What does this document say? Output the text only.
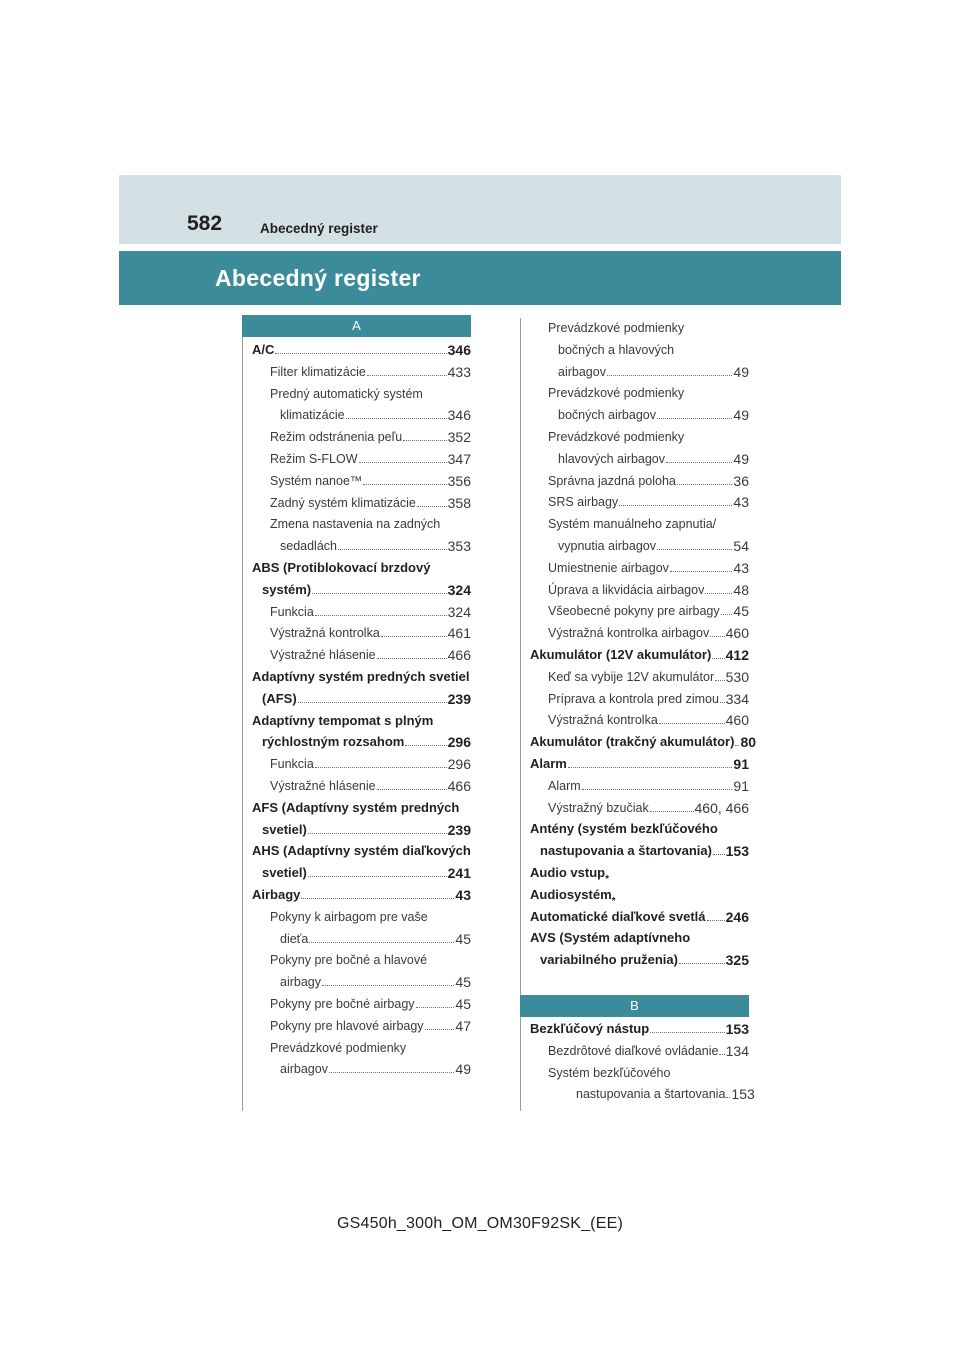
582	Abecedný register
Abecedný register
A
B
A/C	346
Filter klimatizácie	433
Predný automatický systém
klimatizácie	346
Režim odstránenia peľu	352
Režim S-FLOW	347
Systém nanoe™	356
Zadný systém klimatizácie 358
Zmena nastavenia na zadných
sedadlách	353
ABS (Protiblokovací brzdový
systém)	324
Funkcia	324
Výstražná kontrolka	461
Výstražné hlásenie	466
Adaptívny systém predných svetiel
(AFS)	239
Adaptívny tempomat s plným
rýchlostným rozsahom	296
Funkcia	296
Výstražné hlásenie	466
AFS (Adaptívny systém predných
svetiel)	239
AHS (Adaptívny systém diaľkových
svetiel)	241
Airbagy	43
Pokyny k airbagom pre vaše
dieťa	45
Pokyny pre bočné a hlavové
airbagy	45
Pokyny pre bočné airbagy	45
Pokyny pre hlavové airbagy 47
Prevádzkové podmienky
airbagov	49
Prevádzkové podmienky
bočných a hlavových
airbagov	49
Prevádzkové podmienky
bočných airbagov	49
Prevádzkové podmienky
hlavových airbagov	49
Správna jazdná poloha	36
SRS airbagy	43
Systém manuálneho zapnutia/
vypnutia airbagov	54
Umiestnenie airbagov	43
Úprava a likvidácia airbagov 48
Všeobecné pokyny pre airbagy 45
Výstražná kontrolka airbagov 460
Akumulátor (12V akumulátor) 412
Keď sa vybije 12V akumulátor 530
Príprava a kontrola pred zimou 334
Výstražná kontrolka	460
Akumulátor (trakčný akumulátor) 80
Alarm	91
Alarm	91
Výstražný bzučiak	460, 466
Antény (systém bezkľúčového
nastupovania a štartovania) 153
Audio vstup *
Audiosystém *
Automatické diaľkové svetlá 246
AVS (Systém adaptívneho
variabilného pruženia)	325
Bezkľúčový nástup	153
Bezdrôtové diaľkové ovládanie 134
Systém bezkľúčového
nastupovania a štartovania 153
GS450h_300h_OM_OM30F92SK_(EE)
